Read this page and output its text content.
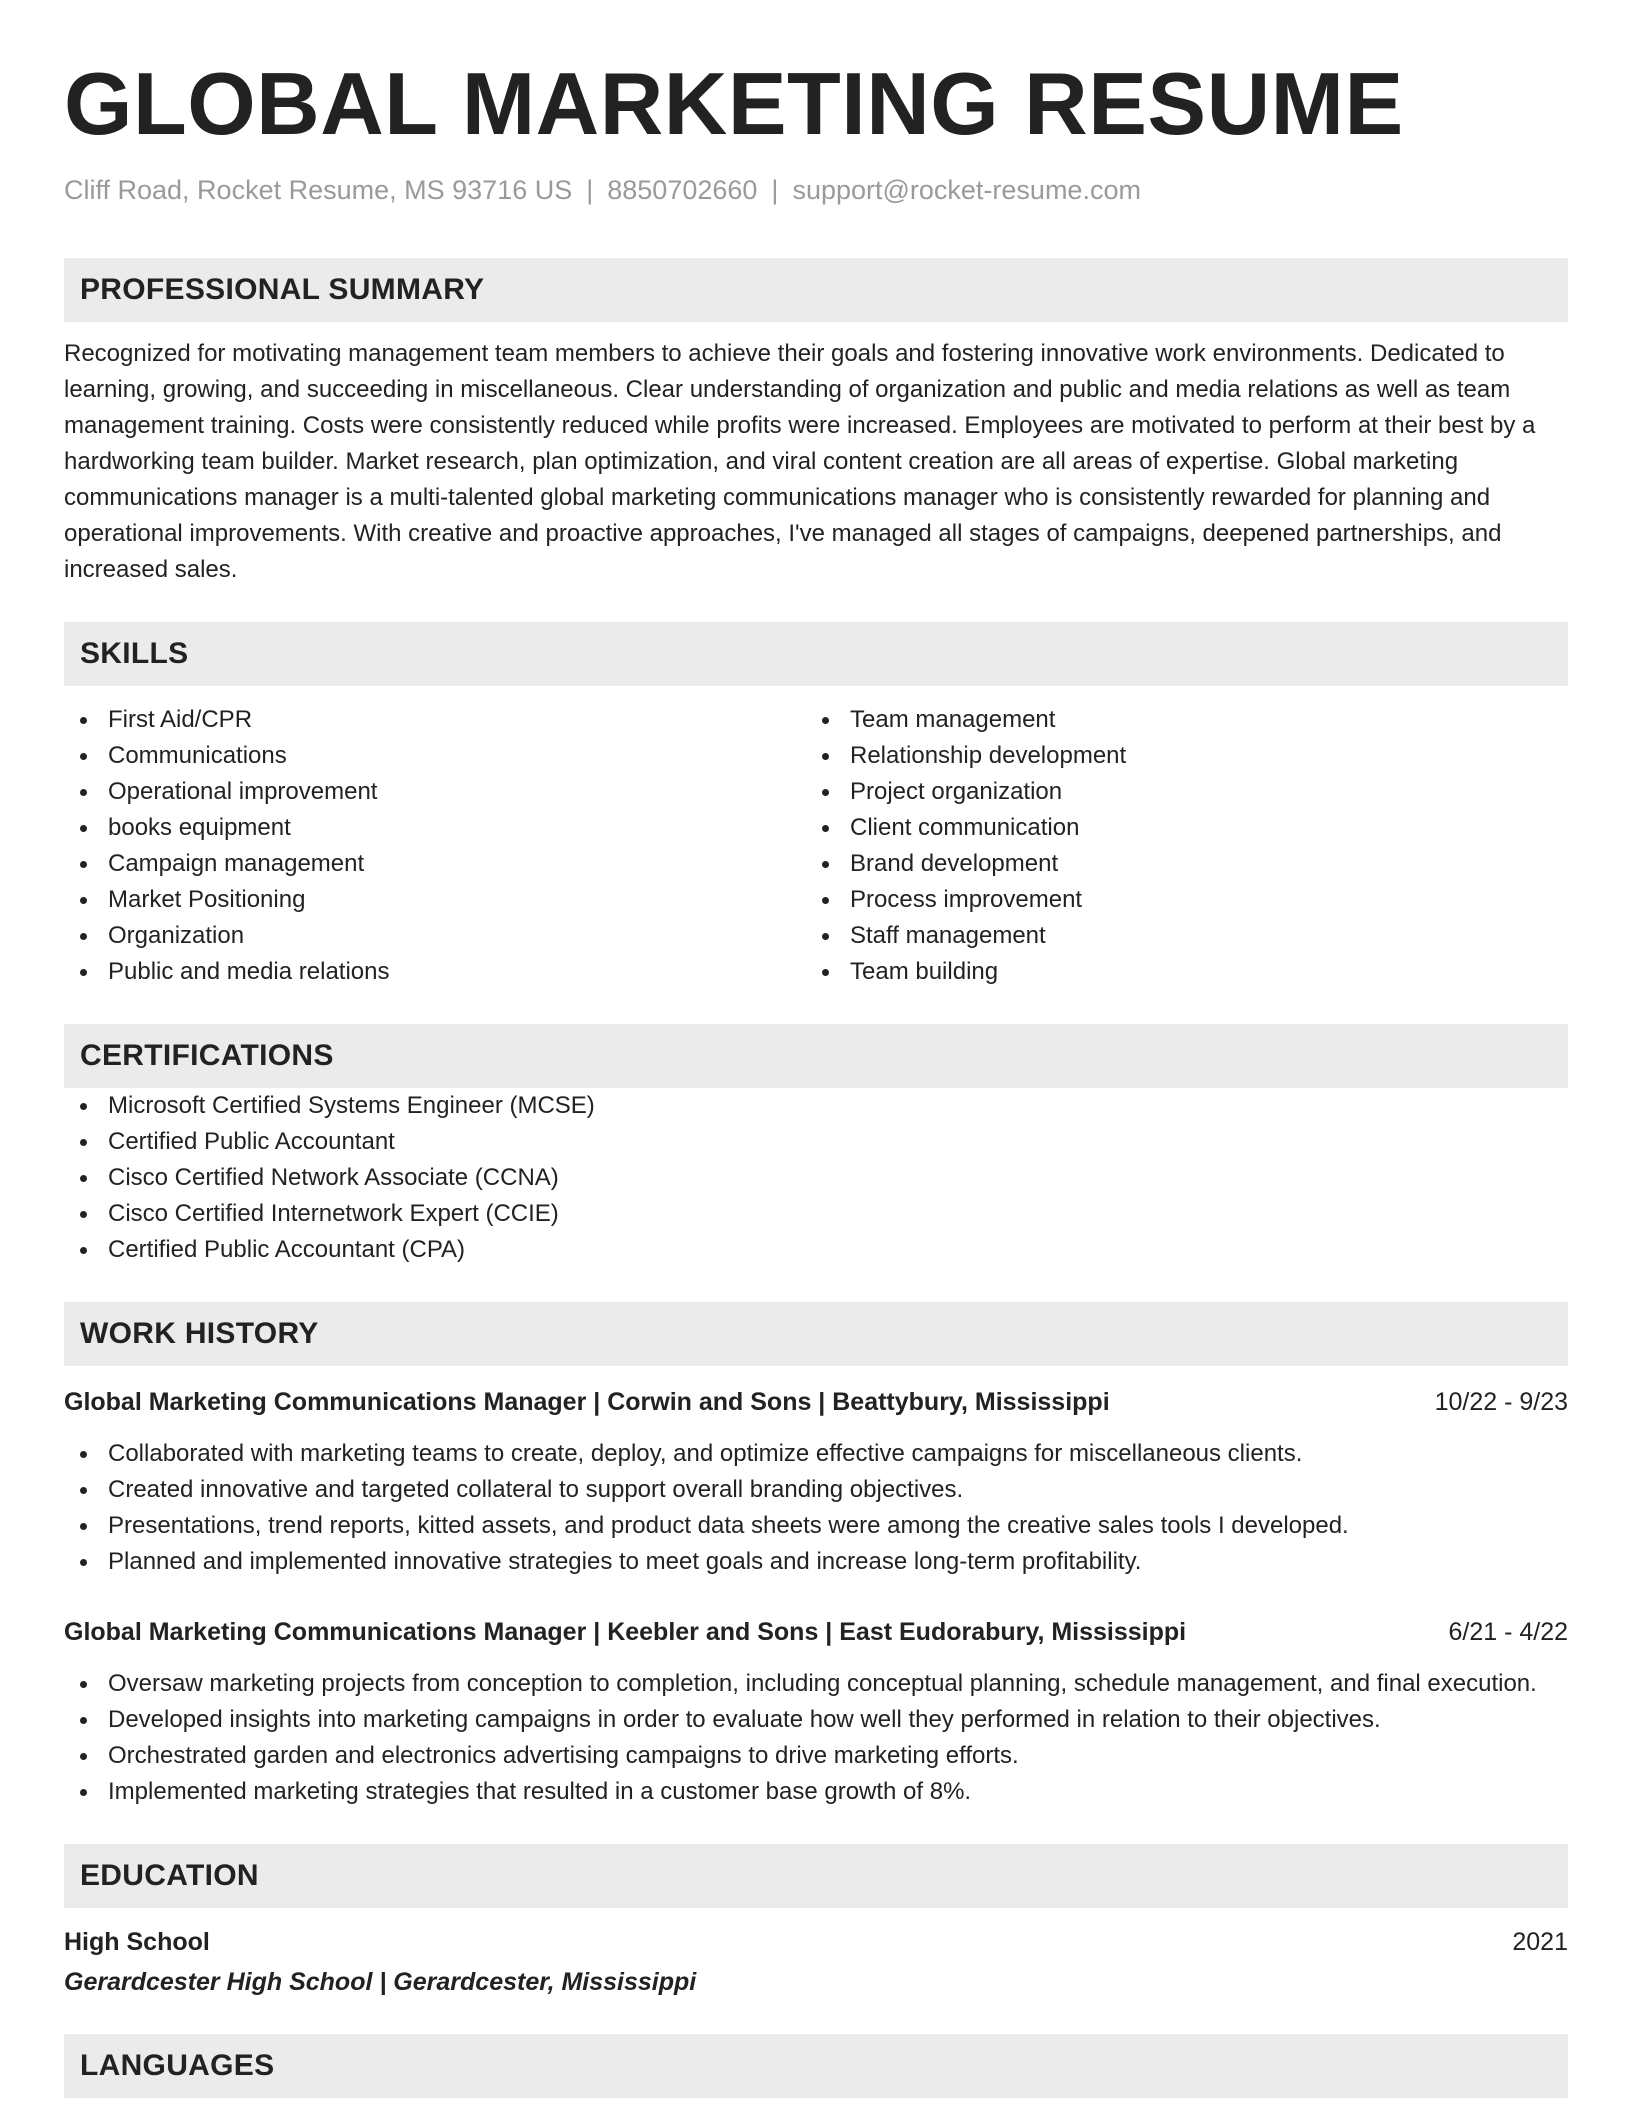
GLOBAL MARKETING RESUME
Cliff Road, Rocket Resume, MS 93716 US | 8850702660 | support@rocket-resume.com
PROFESSIONAL SUMMARY
Recognized for motivating management team members to achieve their goals and fostering innovative work environments. Dedicated to learning, growing, and succeeding in miscellaneous. Clear understanding of organization and public and media relations as well as team management training. Costs were consistently reduced while profits were increased. Employees are motivated to perform at their best by a hardworking team builder. Market research, plan optimization, and viral content creation are all areas of expertise. Global marketing communications manager is a multi-talented global marketing communications manager who is consistently rewarded for planning and operational improvements. With creative and proactive approaches, I've managed all stages of campaigns, deepened partnerships, and increased sales.
SKILLS
First Aid/CPR
Communications
Operational improvement
books equipment
Campaign management
Market Positioning
Organization
Public and media relations
Team management
Relationship development
Project organization
Client communication
Brand development
Process improvement
Staff management
Team building
CERTIFICATIONS
Microsoft Certified Systems Engineer (MCSE)
Certified Public Accountant
Cisco Certified Network Associate (CCNA)
Cisco Certified Internetwork Expert (CCIE)
Certified Public Accountant (CPA)
WORK HISTORY
Global Marketing Communications Manager | Corwin and Sons | Beattybury, Mississippi	10/22 - 9/23
Collaborated with marketing teams to create, deploy, and optimize effective campaigns for miscellaneous clients.
Created innovative and targeted collateral to support overall branding objectives.
Presentations, trend reports, kitted assets, and product data sheets were among the creative sales tools I developed.
Planned and implemented innovative strategies to meet goals and increase long-term profitability.
Global Marketing Communications Manager | Keebler and Sons | East Eudorabury, Mississippi	6/21 - 4/22
Oversaw marketing projects from conception to completion, including conceptual planning, schedule management, and final execution.
Developed insights into marketing campaigns in order to evaluate how well they performed in relation to their objectives.
Orchestrated garden and electronics advertising campaigns to drive marketing efforts.
Implemented marketing strategies that resulted in a customer base growth of 8%.
EDUCATION
High School	2021
Gerardcester High School | Gerardcester, Mississippi
LANGUAGES
